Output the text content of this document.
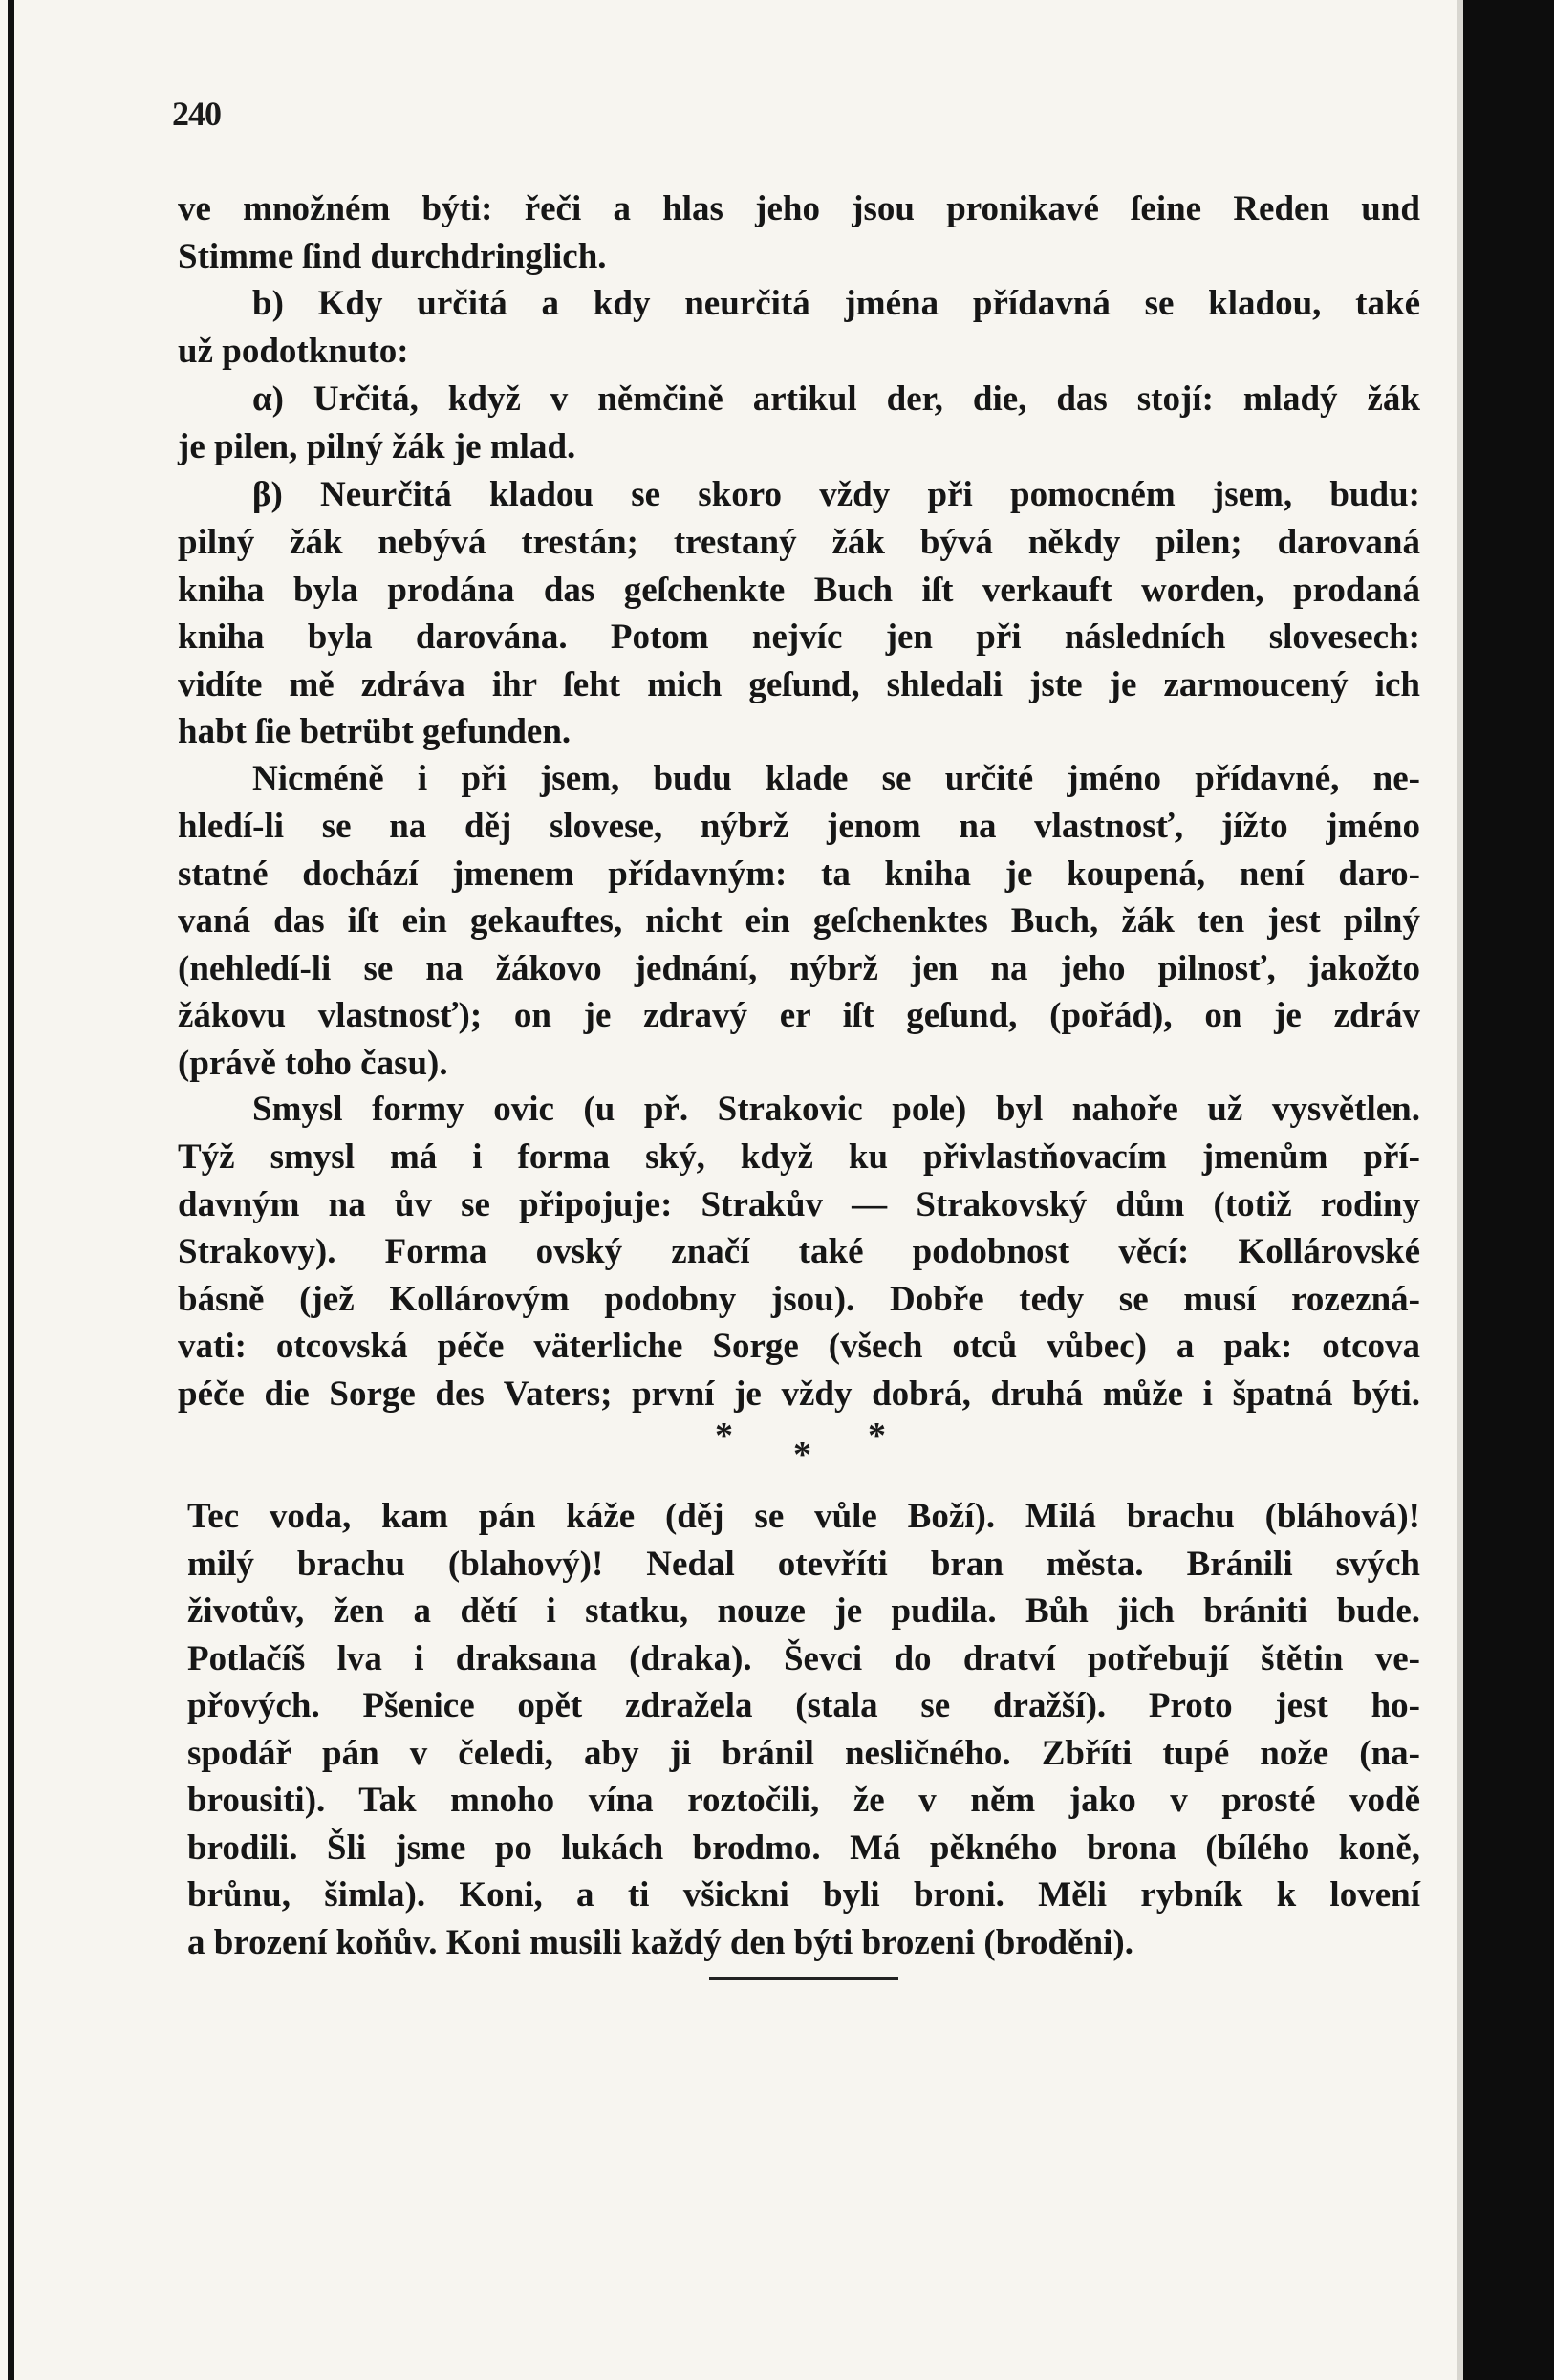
240
ve množném býti: řeči a hlas jeho jsou pronikavé ſeine Reden und
Stimme ſind durchdringlich.
b) Kdy určitá a kdy neurčitá jména přídavná se kladou, také
už podotknuto:
α) Určitá, když v němčině artikul der, die, das stojí: mladý žák
je pilen, pilný žák je mlad.
β) Neurčitá kladou se skoro vždy při pomocném jsem, budu:
pilný žák nebývá trestán; trestaný žák bývá někdy pilen; darovaná
kniha byla prodána das geſchenkte Buch iſt verkauft worden, prodaná
kniha byla darována. Potom nejvíc jen při následních slovesech:
vidíte mě zdráva ihr ſeht mich geſund, shledali jste je zarmoucený ich
habt ſie betrübt gefunden.
Nicméně i při jsem, budu klade se určité jméno přídavné, ne-
hledí-li se na děj slovese, nýbrž jenom na vlastnosť, jížto jméno
statné dochází jmenem přídavným: ta kniha je koupená, není daro-
vaná das iſt ein gekauftes, nicht ein geſchenktes Buch, žák ten jest pilný
(nehledí-li se na žákovo jednání, nýbrž jen na jeho pilnosť, jakožto
žákovu vlastnosť); on je zdravý er iſt geſund, (pořád), on je zdráv
(právě toho času).
Smysl formy ovic (u př. Strakovic pole) byl nahoře už vysvětlen.
Týž smysl má i forma ský, když ku přivlastňovacím jmenům pří-
davným na ův se připojuje: Strakův — Strakovský dům (totiž rodiny
Strakovy). Forma ovský značí také podobnost věcí: Kollárovské
básně (jež Kollárovým podobny jsou). Dobře tedy se musí rozezná-
vati: otcovská péče väterliche Sorge (všech otců vůbec) a pak: otcova
péče die Sorge des Vaters; první je vždy dobrá, druhá může i špatná býti.
* * *
Tec voda, kam pán káže (děj se vůle Boží). Milá brachu (bláhová)!
milý brachu (blahový)! Nedal otevříti bran města. Bránili svých
životův, žen a dětí i statku, nouze je pudila. Bůh jich brániti bude.
Potlačíš lva i draksana (draka). Ševci do dratví potřebují štětin ve-
přových. Pšenice opět zdražela (stala se dražší). Proto jest ho-
spodář pán v čeledi, aby ji bránil nesličného. Zbříti tupé nože (na-
brousiti). Tak mnoho vína roztočili, že v něm jako v prosté vodě
brodili. Šli jsme po lukách brodmo. Má pěkného brona (bílého koně,
brůnu, šimla). Koni, a ti všickni byli broni. Měli rybník k lovení
a brození koňův. Koni musili každý den býti brozeni (broděni).
